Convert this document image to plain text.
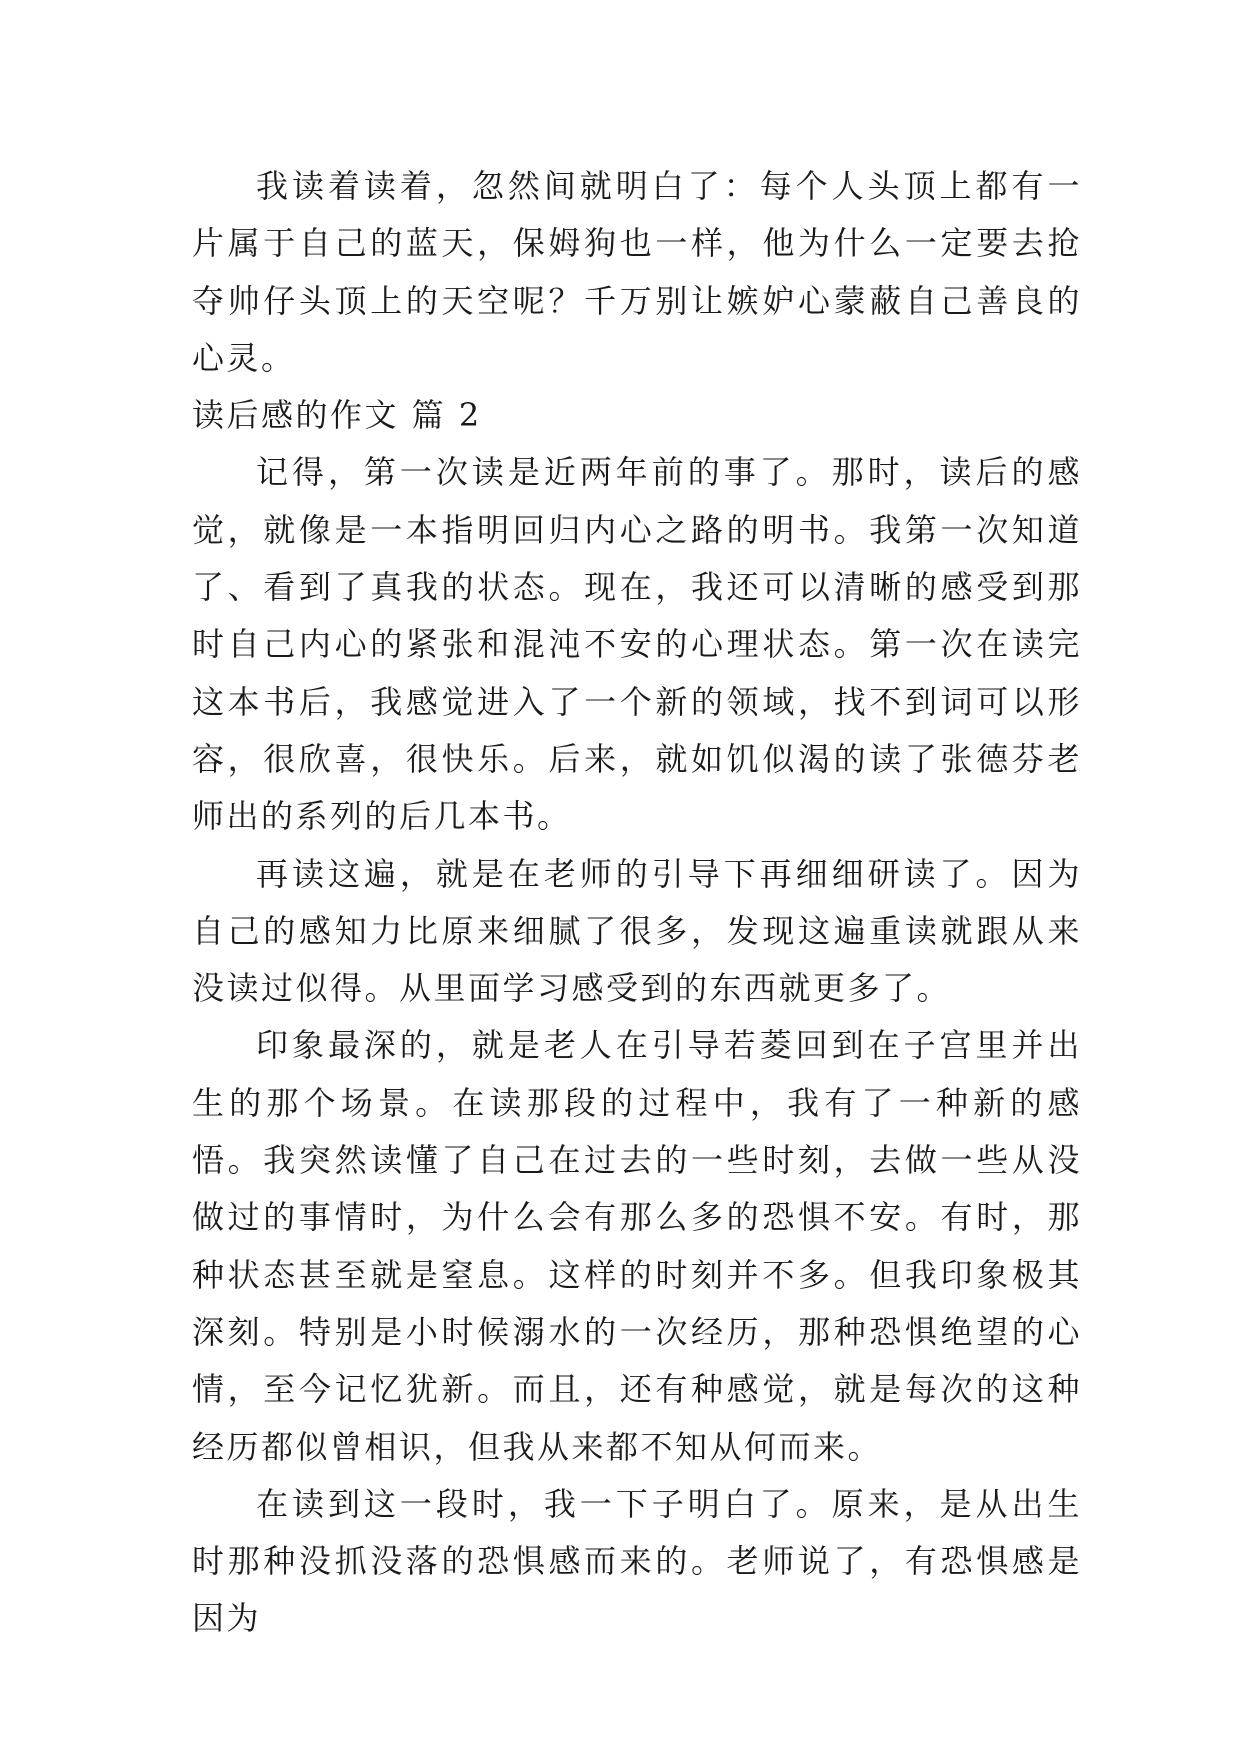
我读着读着，忽然间就明白了：每个人头顶上都有一片属于自己的蓝天，保姆狗也一样，他为什么一定要去抢夺帅仔头顶上的天空呢？千万别让嫉妒心蒙蔽自己善良的心灵。

读后感的作文 篇 2

记得，第一次读是近两年前的事了。那时，读后的感觉，就像是一本指明回归内心之路的明书。我第一次知道了、看到了真我的状态。现在，我还可以清晰的感受到那时自己内心的紧张和混沌不安的心理状态。第一次在读完这本书后，我感觉进入了一个新的领域，找不到词可以形容，很欣喜，很快乐。后来，就如饥似渴的读了张德芬老师出的系列的后几本书。

再读这遍，就是在老师的引导下再细细研读了。因为自己的感知力比原来细腻了很多，发现这遍重读就跟从来没读过似得。从里面学习感受到的东西就更多了。

印象最深的，就是老人在引导若菱回到在子宫里并出生的那个场景。在读那段的过程中，我有了一种新的感悟。我突然读懂了自己在过去的一些时刻，去做一些从没做过的事情时，为什么会有那么多的恐惧不安。有时，那种状态甚至就是窒息。这样的时刻并不多。但我印象极其深刻。特别是小时候溺水的一次经历，那种恐惧绝望的心情，至今记忆犹新。而且，还有种感觉，就是每次的这种经历都似曾相识，但我从来都不知从何而来。

在读到这一段时，我一下子明白了。原来，是从出生时那种没抓没落的恐惧感而来的。老师说了，有恐惧感是因为
